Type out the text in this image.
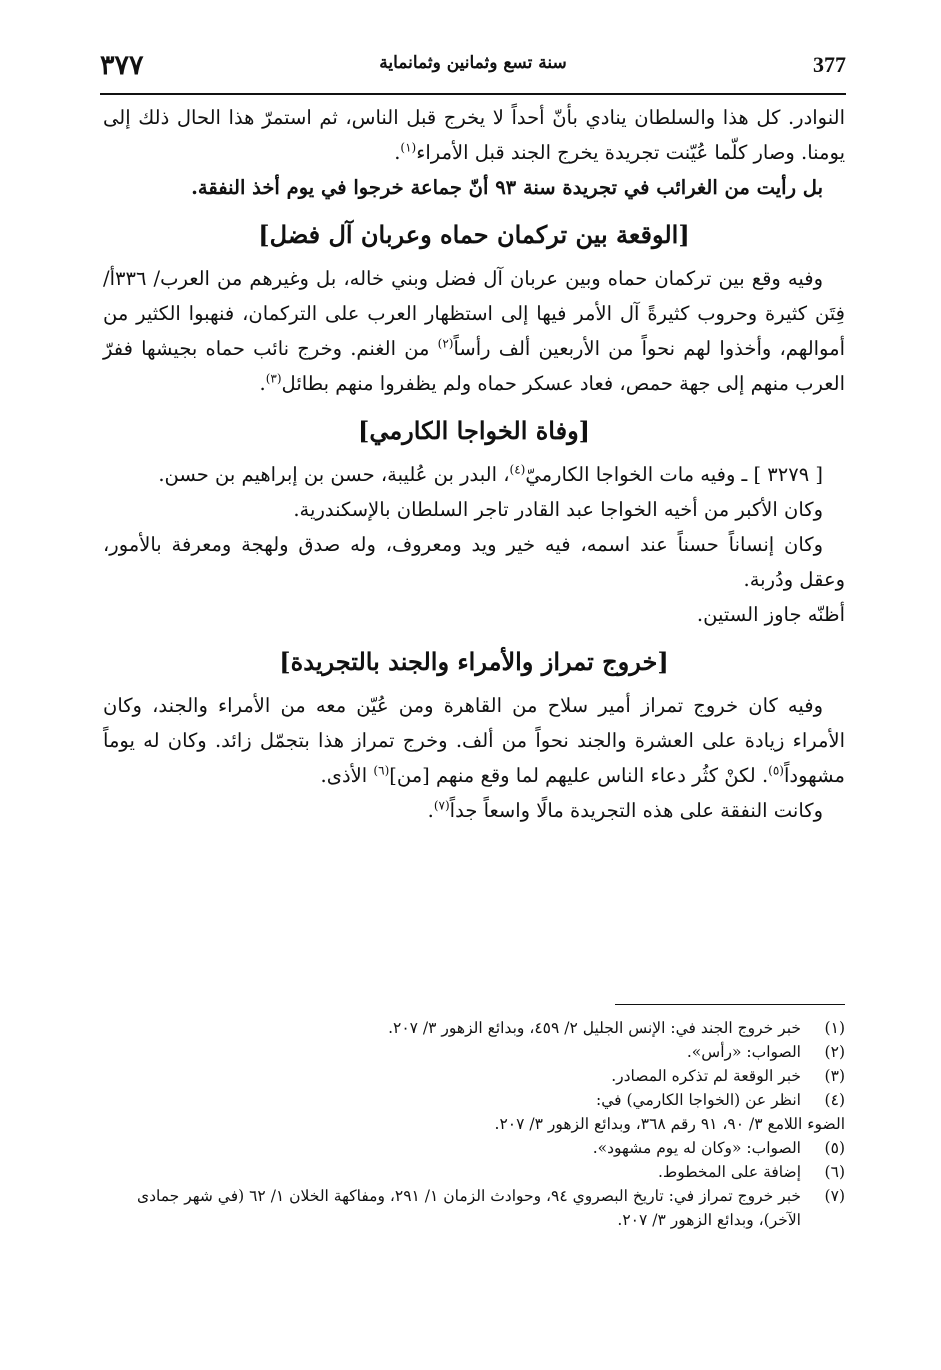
377
سنة تسع وثمانين وثمانماية
٣٧٧

النوادر. كل هذا والسلطان ينادي بأنّ أحداً لا يخرج قبل الناس، ثم استمرّ هذا الحال ذلك إلى يومنا. وصار كلّما عُيّنت تجريدة يخرج الجند قبل الأمراء$^{(١)}$.

بل رأيت من الغرائب في تجريدة سنة ٩٣ أنّ جماعة خرجوا في يوم أخذ النفقة.

[الوقعة بين تركمان حماه وعربان آل فضل]

وفيه وقع بين تركمان حماه وبين عربان آل فضل وبني خاله، بل وغيرهم من العرب/ ٣٣٦أ/ فِتَن كثيرة وحروب كثيرةً آل الأمر فيها إلى استظهار العرب على التركمان، فنهبوا الكثير من أموالهم، وأخذوا لهم نحواً من الأربعين ألف رأساً$^{(٢)}$ من الغنم. وخرج نائب حماه بجيشها ففرّ العرب منهم إلى جهة حمص، فعاد عسكر حماه ولم يظفروا منهم بطائل$^{(٣)}$.

[وفاة الخواجا الكارمي]

[ ٣٢٧٩ ] ـ وفيه مات الخواجا الكارميّ$^{(٤)}$، البدر بن عُليبة، حسن بن إبراهيم بن حسن.

وكان الأكبر من أخيه الخواجا عبد القادر تاجر السلطان بالإسكندرية.

وكان إنساناً حسناً عند اسمه، فيه خير ويد ومعروف، وله صدق ولهجة ومعرفة بالأمور، وعقل ودُربة.

أظنّه جاوز الستين.

[خروج تمراز والأمراء والجند بالتجريدة]

وفيه كان خروج تمراز أمير سلاح من القاهرة ومن عُيّن معه من الأمراء والجند، وكان الأمراء زيادة على العشرة والجند نحواً من ألف. وخرج تمراز هذا بتجمّل زائد. وكان له يوماً مشهوداً$^{(٥)}$. لكنْ كثُر دعاء الناس عليهم لما وقع منهم [من]$^{(٦)}$ الأذى.

وكانت النفقة على هذه التجريدة مالًا واسعاً جداً$^{(٧)}$.

(١)
خبر خروج الجند في: الإنس الجليل ٢/ ٤٥٩، وبدائع الزهور ٣/ ٢٠٧.
(٢)
الصواب: «رأس».
(٣)
خبر الوقعة لم تذكره المصادر.
(٤)
انظر عن (الخواجا الكارمي) في:
الضوء اللامع ٣/ ٩٠، ٩١ رقم ٣٦٨، وبدائع الزهور ٣/ ٢٠٧.
(٥)
الصواب: «وكان له يوم مشهود».
(٦)
إضافة على المخطوط.
(٧)
خبر خروج تمراز في: تاريخ البصروي ٩٤، وحوادث الزمان ١/ ٢٩١، ومفاكهة الخلان ١/ ٦٢ (في شهر جمادى الآخر)، وبدائع الزهور ٣/ ٢٠٧.
